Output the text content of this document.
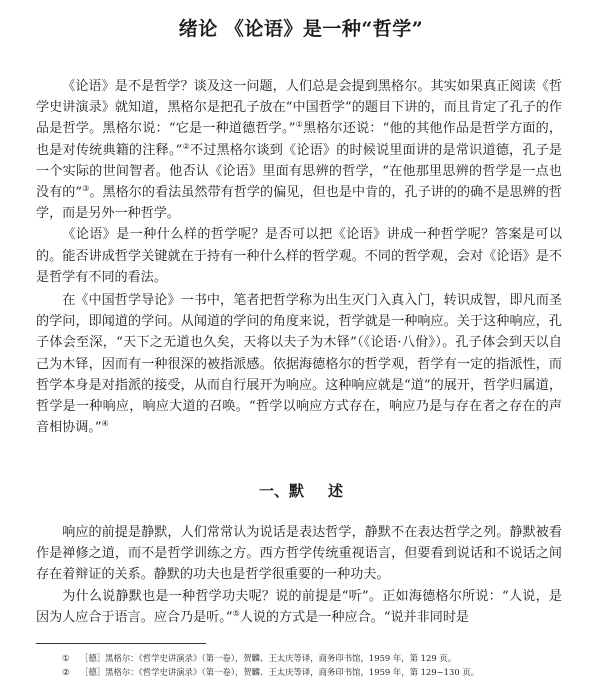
绪论 《论语》是一种“哲学”

《论语》是不是哲学？谈及这一问题，人们总是会提到黑格尔。其实如果真正阅读《哲学史讲演录》就知道，黑格尔是把孔子放在“中国哲学”的题目下讲的，而且肯定了孔子的作品是哲学。黑格尔说：“它是一种道德哲学。”①黑格尔还说：“他的其他作品是哲学方面的，也是对传统典籍的注释。”②不过黑格尔谈到《论语》的时候说里面讲的是常识道德，孔子是一个实际的世间智者。他否认《论语》里面有思辨的哲学，“在他那里思辨的哲学是一点也没有的”③。黑格尔的看法虽然带有哲学的偏见，但也是中肯的，孔子讲的的确不是思辨的哲学，而是另外一种哲学。

《论语》是一种什么样的哲学呢？是否可以把《论语》讲成一种哲学呢？答案是可以的。能否讲成哲学关键就在于持有一种什么样的哲学观。不同的哲学观，会对《论语》是不是哲学有不同的看法。

在《中国哲学导论》一书中，笔者把哲学称为出生灭门入真入门，转识成智，即凡而圣的学问，即闻道的学问。从闻道的学问的角度来说，哲学就是一种响应。关于这种响应，孔子体会至深，“天下之无道也久矣，天将以夫子为木铎”（《论语·八佾》）。孔子体会到天以自己为木铎，因而有一种很深的被指派感。依据海德格尔的哲学观，哲学有一定的指派性，而哲学本身是对指派的接受，从而自行展开为响应。这种响应就是“道”的展开，哲学归属道，哲学是一种响应，响应大道的召唤。“哲学以响应方式存在，响应乃是与存在者之存在的声音相协调。”④

一、默 述

响应的前提是静默，人们常常认为说话是表达哲学，静默不在表达哲学之列。静默被看作是禅修之道，而不是哲学训练之方。西方哲学传统重视语言，但要看到说话和不说话之间存在着辩证的关系。静默的功夫也是哲学很重要的一种功夫。

为什么说静默也是一种哲学功夫呢？说的前提是“听”。正如海德格尔所说：“人说，是因为人应合于语言。应合乃是听。”⑤人说的方式是一种应合。“说并非同时是

① ［德］黑格尔：《哲学史讲演录》（第一卷），贺麟、王太庆等译，商务印书馆，1959 年，第 129 页。
② ［德］黑格尔：《哲学史讲演录》（第一卷），贺麟、王太庆等译，商务印书馆，1959 年，第 129~130 页。
